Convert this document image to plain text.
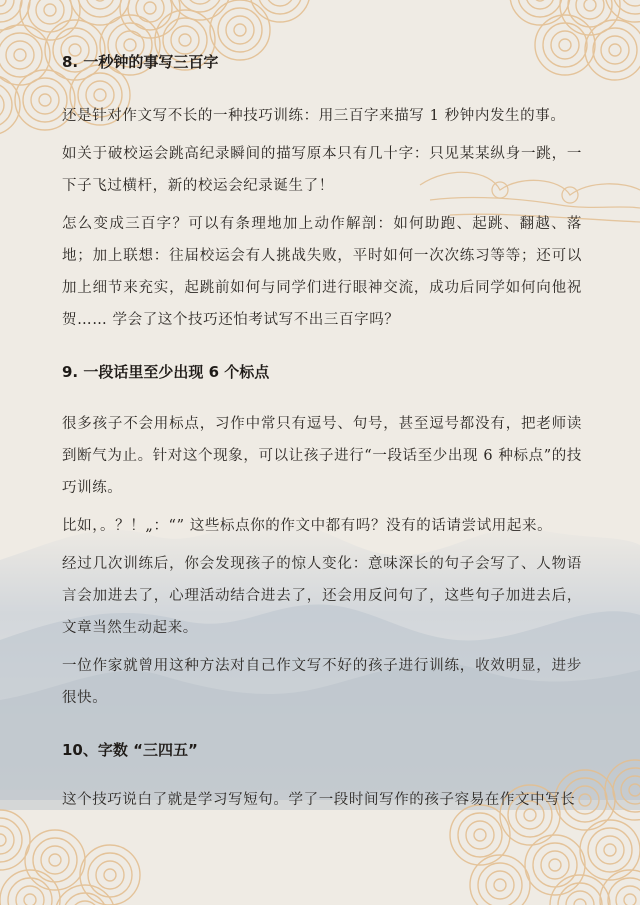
8. 一秒钟的事写三百字

还是针对作文写不长的一种技巧训练：用三百字来描写 1 秒钟内发生的事。

如关于破校运会跳高纪录瞬间的描写原本只有几十字：只见某某纵身一跳，一下子飞过横杆，新的校运会纪录诞生了！

怎么变成三百字？可以有条理地加上动作解剖：如何助跑、起跳、翻越、落地；加上联想：往届校运会有人挑战失败，平时如何一次次练习等等；还可以加上细节来充实，起跳前如何与同学们进行眼神交流，成功后同学如何向他祝贺…… 学会了这个技巧还怕考试写不出三百字吗？

9. 一段话里至少出现 6 个标点

很多孩子不会用标点，习作中常只有逗号、句号，甚至逗号都没有，把老师读到断气为止。针对这个现象，可以让孩子进行“一段话至少出现 6 种标点”的技巧训练。

比如，。？！„：“” 这些标点你的作文中都有吗？没有的话请尝试用起来。

经过几次训练后，你会发现孩子的惊人变化：意味深长的句子会写了、人物语言会加进去了，心理活动结合进去了，还会用反问句了，这些句子加进去后，文章当然生动起来。

一位作家就曾用这种方法对自己作文写不好的孩子进行训练，收效明显，进步很快。

10、字数 “三四五”

这个技巧说白了就是学习写短句。学了一段时间写作的孩子容易在作文中写长
